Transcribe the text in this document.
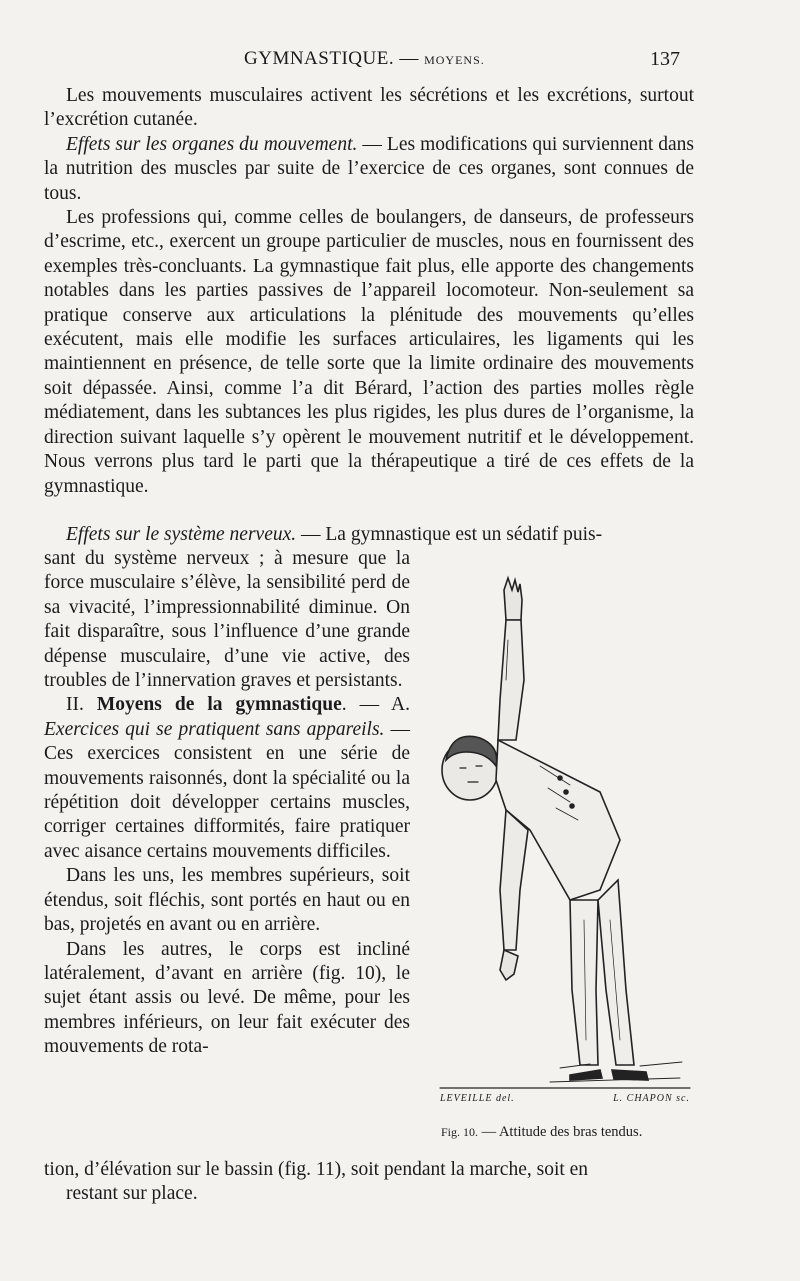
GYMNASTIQUE. — MOYENS.	137

Les mouvements musculaires activent les sécrétions et les excrétions, surtout l’excrétion cutanée.

Effets sur les organes du mouvement. — Les modifications qui surviennent dans la nutrition des muscles par suite de l’exercice de ces organes, sont connues de tous.

Les professions qui, comme celles de boulangers, de danseurs, de professeurs d’escrime, etc., exercent un groupe particulier de muscles, nous en fournissent des exemples très-concluants. La gymnastique fait plus, elle apporte des changements notables dans les parties passives de l’appareil locomoteur. Non-seulement sa pratique conserve aux articulations la plénitude des mouvements qu’elles exécutent, mais elle modifie les surfaces articulaires, les ligaments qui les maintiennent en présence, de telle sorte que la limite ordinaire des mouvements soit dépassée. Ainsi, comme l’a dit Bérard, l’action des parties molles règle médiatement, dans les subtances les plus rigides, les plus dures de l’organisme, la direction suivant laquelle s’y opèrent le mouvement nutritif et le développement. Nous verrons plus tard le parti que la thérapeutique a tiré de ces effets de la gymnastique.

Effets sur le système nerveux. — La gymnastique est un sédatif puis-

sant du système nerveux ; à mesure que la force musculaire s’élève, la sensibilité perd de sa vivacité, l’impressionnabilité diminue. On fait disparaître, sous l’influence d’une grande dépense musculaire, d’une vie active, des troubles de l’innervation graves et persistants.

II. Moyens de la gymnastique. — A. Exercices qui se pratiquent sans appareils. — Ces exercices consistent en une série de mouvements raisonnés, dont la spécialité ou la répétition doit développer certains muscles, corriger certaines difformités, faire pratiquer avec aisance certains mouvements difficiles.

Dans les uns, les membres supérieurs, soit étendus, soit fléchis, sont portés en haut ou en bas, projetés en avant ou en arrière.

Dans les autres, le corps est incliné latéralement, d’avant en arrière (fig. 10), le sujet étant assis ou levé. De même, pour les membres inférieurs, on leur fait exécuter des mouvements de rota-

tion, d’élévation sur le bassin (fig. 11), soit pendant la marche, soit en
restant sur place.
LEVEILLE del.	L. CHAPON sc.
Fig. 10. — Attitude des bras tendus.
